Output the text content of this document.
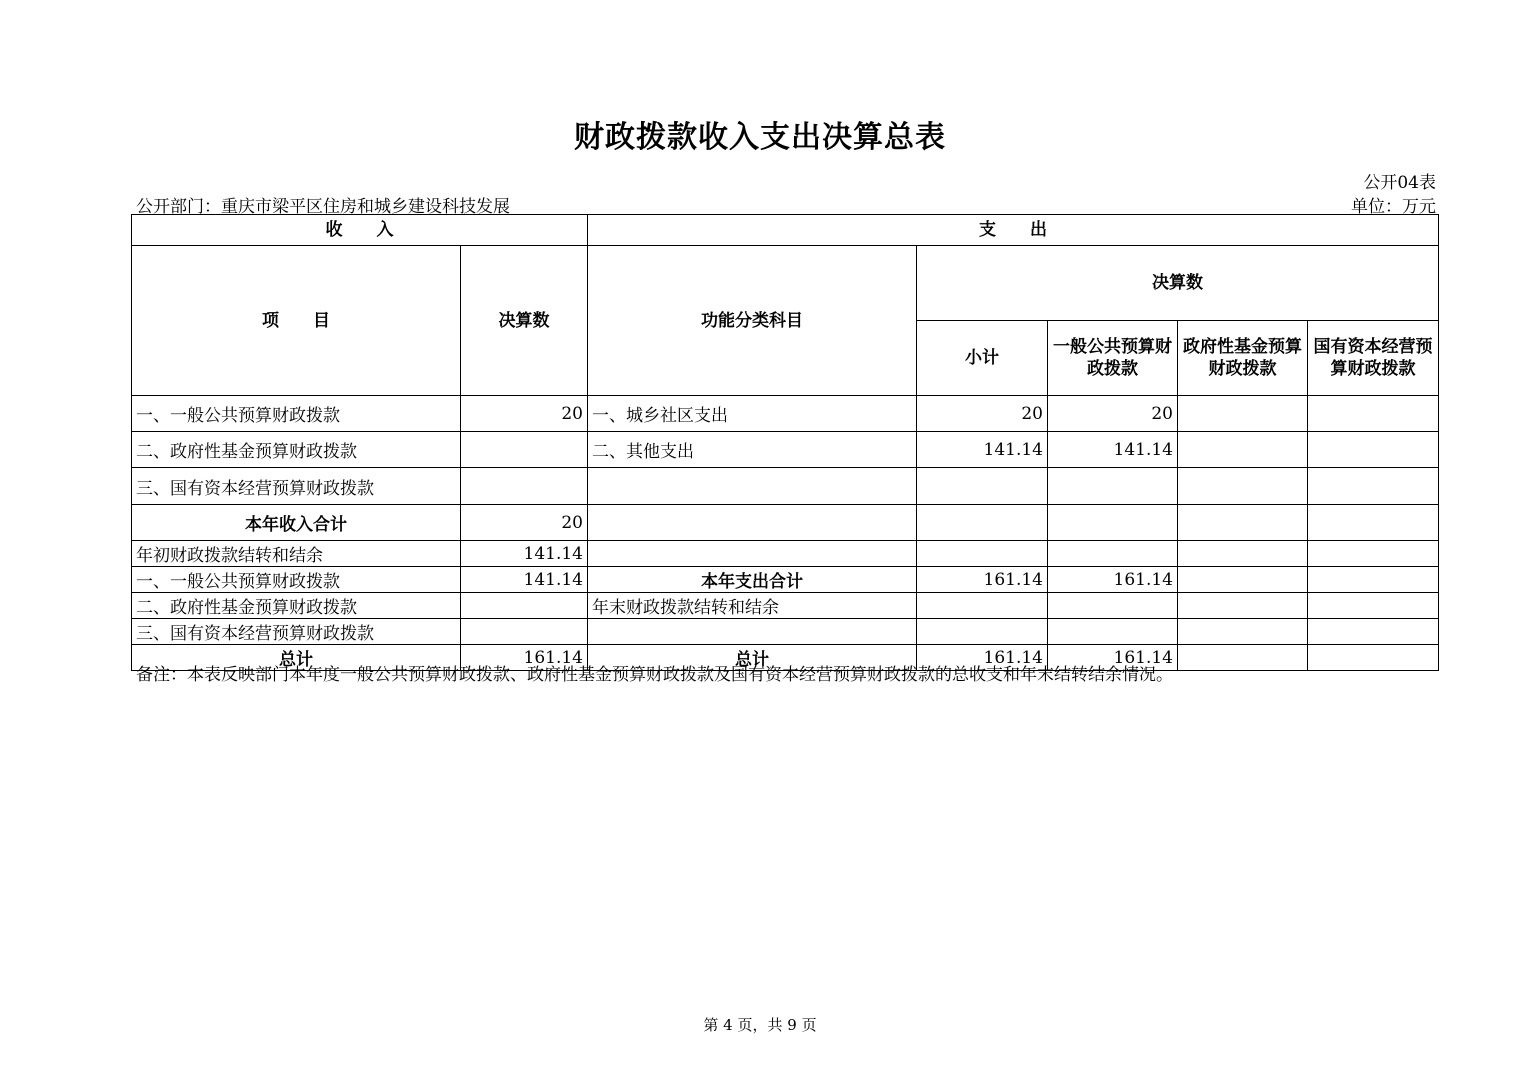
财政拨款收入支出决算总表
公开04表
公开部门：重庆市梁平区住房和城乡建设科技发展	单位：万元
收　　入		支　　出				
项　　目	决算数	功能分类科目	决算数			
			小计	一般公共预算财政拨款	政府性基金预算财政拨款	国有资本经营预算财政拨款
一、一般公共预算财政拨款	20	一、城乡社区支出	20	20		
二、政府性基金预算财政拨款		二、其他支出	141.14	141.14		
三、国有资本经营预算财政拨款						
本年收入合计	20					
年初财政拨款结转和结余	141.14					
一、一般公共预算财政拨款	141.14	本年支出合计	161.14	161.14		
二、政府性基金预算财政拨款		年末财政拨款结转和结余				
三、国有资本经营预算财政拨款						
总计	161.14	总计	161.14	161.14		
备注：本表反映部门本年度一般公共预算财政拨款、政府性基金预算财政拨款及国有资本经营预算财政拨款的总收支和年末结转结余情况。
第 4 页，共 9 页
